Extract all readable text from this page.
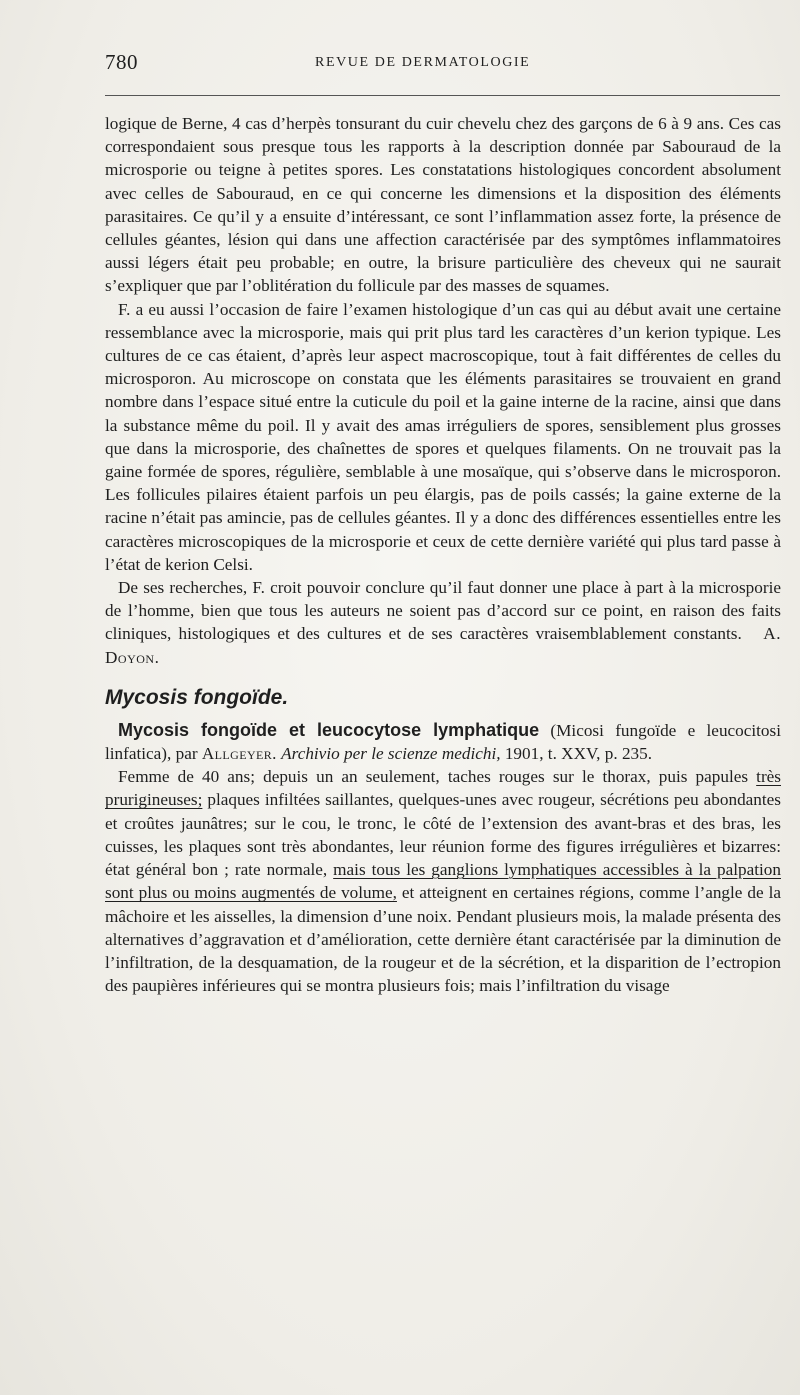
780	REVUE DE DERMATOLOGIE

logique de Berne, 4 cas d’herpès tonsurant du cuir chevelu chez des garçons de 6 à 9 ans. Ces cas correspondaient sous presque tous les rapports à la description donnée par Sabouraud de la microsporie ou teigne à petites spores. Les constatations histologiques concordent absolument avec celles de Sabouraud, en ce qui concerne les dimensions et la disposition des éléments parasitaires. Ce qu’il y a ensuite d’intéressant, ce sont l’inflammation assez forte, la présence de cellules géantes, lésion qui dans une affection caractérisée par des symptômes inflammatoires aussi légers était peu probable; en outre, la brisure particulière des cheveux qui ne saurait s’expliquer que par l’oblitération du follicule par des masses de squames.

F. a eu aussi l’occasion de faire l’examen histologique d’un cas qui au début avait une certaine ressemblance avec la microsporie, mais qui prit plus tard les caractères d’un kerion typique. Les cultures de ce cas étaient, d’après leur aspect macroscopique, tout à fait différentes de celles du microsporon. Au microscope on constata que les éléments parasitaires se trouvaient en grand nombre dans l’espace situé entre la cuticule du poil et la gaine interne de la racine, ainsi que dans la substance même du poil. Il y avait des amas irréguliers de spores, sensiblement plus grosses que dans la microsporie, des chaînettes de spores et quelques filaments. On ne trouvait pas la gaine formée de spores, régulière, semblable à une mosaïque, qui s’observe dans le microsporon. Les follicules pilaires étaient parfois un peu élargis, pas de poils cassés; la gaine externe de la racine n’était pas amincie, pas de cellules géantes. Il y a donc des différences essentielles entre les caractères microscopiques de la microsporie et ceux de cette dernière variété qui plus tard passe à l’état de kerion Celsi.

De ses recherches, F. croit pouvoir conclure qu’il faut donner une place à part à la microsporie de l’homme, bien que tous les auteurs ne soient pas d’accord sur ce point, en raison des faits cliniques, histologiques et des cultures et de ses caractères vraisemblablement constants. A. Doyon.

Mycosis fongoïde.

Mycosis fongoïde et leucocytose lymphatique (Micosi fungoïde e leucocitosi linfatica), par Allgeyer. Archivio per le scienze medichi, 1901, t. XXV, p. 235.

Femme de 40 ans; depuis un an seulement, taches rouges sur le thorax, puis papules très prurigineuses; plaques infiltées saillantes, quelques-unes avec rougeur, sécrétions peu abondantes et croûtes jaunâtres; sur le cou, le tronc, le côté de l’extension des avant-bras et des bras, les cuisses, les plaques sont très abondantes, leur réunion forme des figures irrégulières et bizarres: état général bon ; rate normale, mais tous les ganglions lymphatiques accessibles à la palpation sont plus ou moins augmentés de volume, et atteignent en certaines régions, comme l’angle de la mâchoire et les aisselles, la dimension d’une noix. Pendant plusieurs mois, la malade présenta des alternatives d’aggravation et d’amélioration, cette dernière étant caractérisée par la diminution de l’infiltration, de la desquamation, de la rougeur et de la sécrétion, et la disparition de l’ectropion des paupières inférieures qui se montra plusieurs fois; mais l’infiltration du visage
